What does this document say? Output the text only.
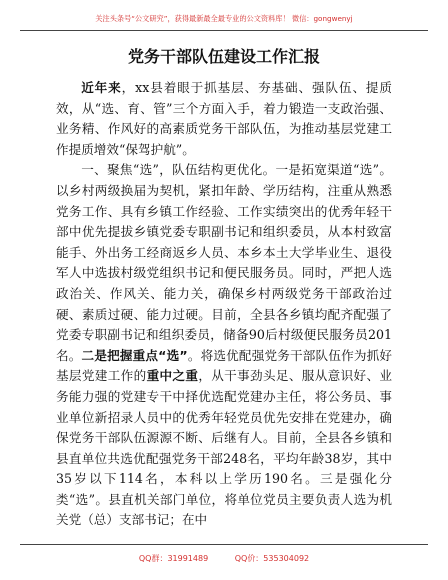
关注头条号“公文研究”，获得最新最全最专业的公文资料库！ 微信：gongwenyj
党务干部队伍建设工作汇报

近年来，xx县着眼于抓基层、夯基础、强队伍、提质效，从“选、育、管”三个方面入手，着力锻造一支政治强、业务精、作风好的高素质党务干部队伍，为推动基层党建工作提质增效“保驾护航”。

一、聚焦“选”，队伍结构更优化。一是拓宽渠道“选”。以乡村两级换届为契机，紧扣年龄、学历结构，注重从熟悉党务工作、具有乡镇工作经验、工作实绩突出的优秀年轻干部中优先提拔乡镇党委专职副书记和组织委员，从本村致富能手、外出务工经商返乡人员、本乡本土大学毕业生、退役军人中选拔村级党组织书记和便民服务员。同时，严把人选政治关、作风关、能力关，确保乡村两级党务干部政治过硬、素质过硬、能力过硬。目前，全县各乡镇均配齐配强了党委专职副书记和组织委员，储备90后村级便民服务员201名。二是把握重点“选”。将选优配强党务干部队伍作为抓好基层党建工作的重中之重，从干事劲头足、服从意识好、业务能力强的党建专干中择优选配党建办主任，将公务员、事业单位新招录人员中的优秀年轻党员优先安排在党建办，确保党务干部队伍源源不断、后继有人。目前，全县各乡镇和县直单位共选优配强党务干部248名，平均年龄38岁，其中35岁以下114名，本科以上学历190名。三是强化分类“选”。县直机关部门单位，将单位党员主要负责人选为机关党（总）支部书记；在中

QQ群：31991489	QQ价：535304092
